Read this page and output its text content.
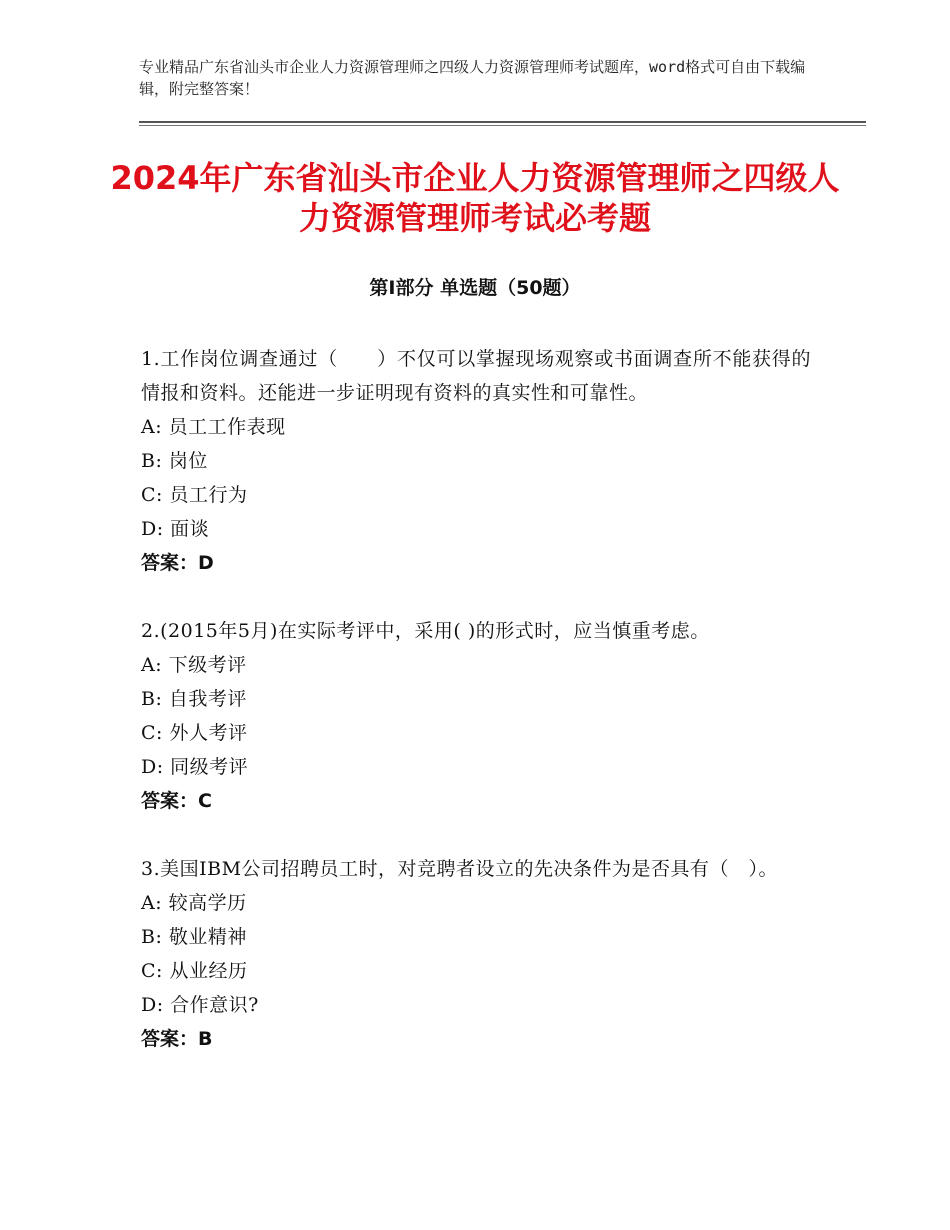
专业精品广东省汕头市企业人力资源管理师之四级人力资源管理师考试题库，word格式可自由下载编辑，附完整答案！
2024年广东省汕头市企业人力资源管理师之四级人力资源管理师考试必考题
第Ⅰ部分 单选题（50题）
1.工作岗位调查通过（　　）不仅可以掌握现场观察或书面调查所不能获得的情报和资料。还能进一步证明现有资料的真实性和可靠性。
A: 员工工作表现
B: 岗位
C: 员工行为
D: 面谈
答案：D
2.(2015年5月)在实际考评中，采用( )的形式时，应当慎重考虑。
A: 下级考评
B: 自我考评
C: 外人考评
D: 同级考评
答案：C
3.美国IBM公司招聘员工时，对竞聘者设立的先决条件为是否具有（　）。
A: 较高学历
B: 敬业精神
C: 从业经历
D: 合作意识?
答案：B
